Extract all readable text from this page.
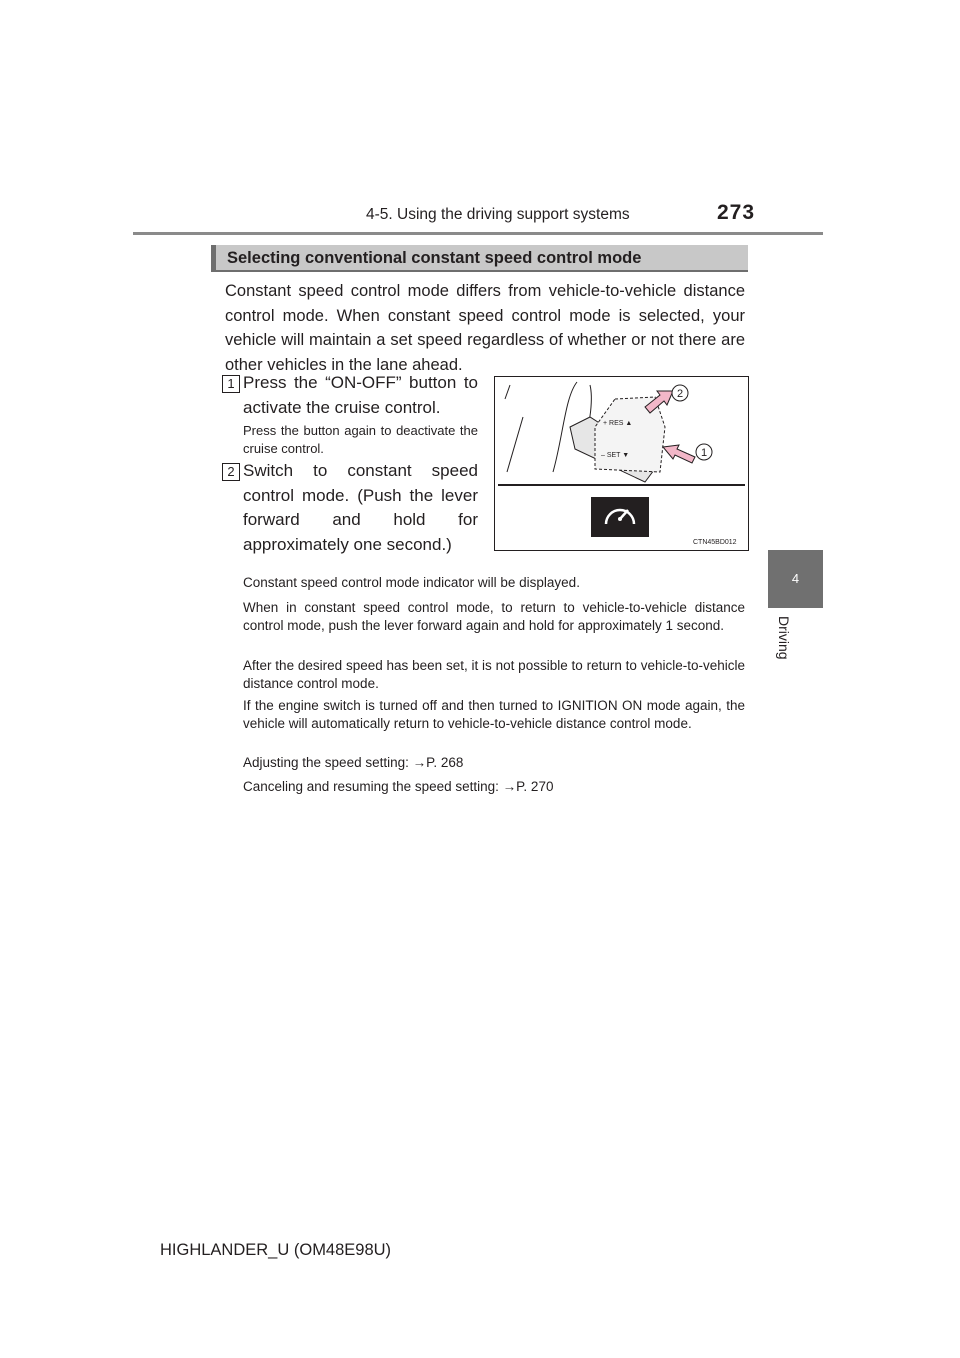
4-5. Using the driving support systems	273
4
Driving
Selecting conventional constant speed control mode
Constant speed control mode differs from vehicle-to-vehicle distance control mode. When constant speed control mode is selected, your vehicle will maintain a set speed regardless of whether or not there are other vehicles in the lane ahead.
1 Press the “ON-OFF” button to activate the cruise control.
Press the button again to deactivate the cruise control.
2 Switch to constant speed control mode. (Push the lever forward and hold for approximately one second.)
+ RES ▲
– SET ▼
2
1
CTN45BD012
Constant speed control mode indicator will be displayed.
When in constant speed control mode, to return to vehicle-to-vehicle distance control mode, push the lever forward again and hold for approximately 1 second.
After the desired speed has been set, it is not possible to return to vehicle-to-vehicle distance control mode.
If the engine switch is turned off and then turned to IGNITION ON mode again, the vehicle will automatically return to vehicle-to-vehicle distance control mode.
Adjusting the speed setting: →P. 268
Canceling and resuming the speed setting: →P. 270
HIGHLANDER_U (OM48E98U)
